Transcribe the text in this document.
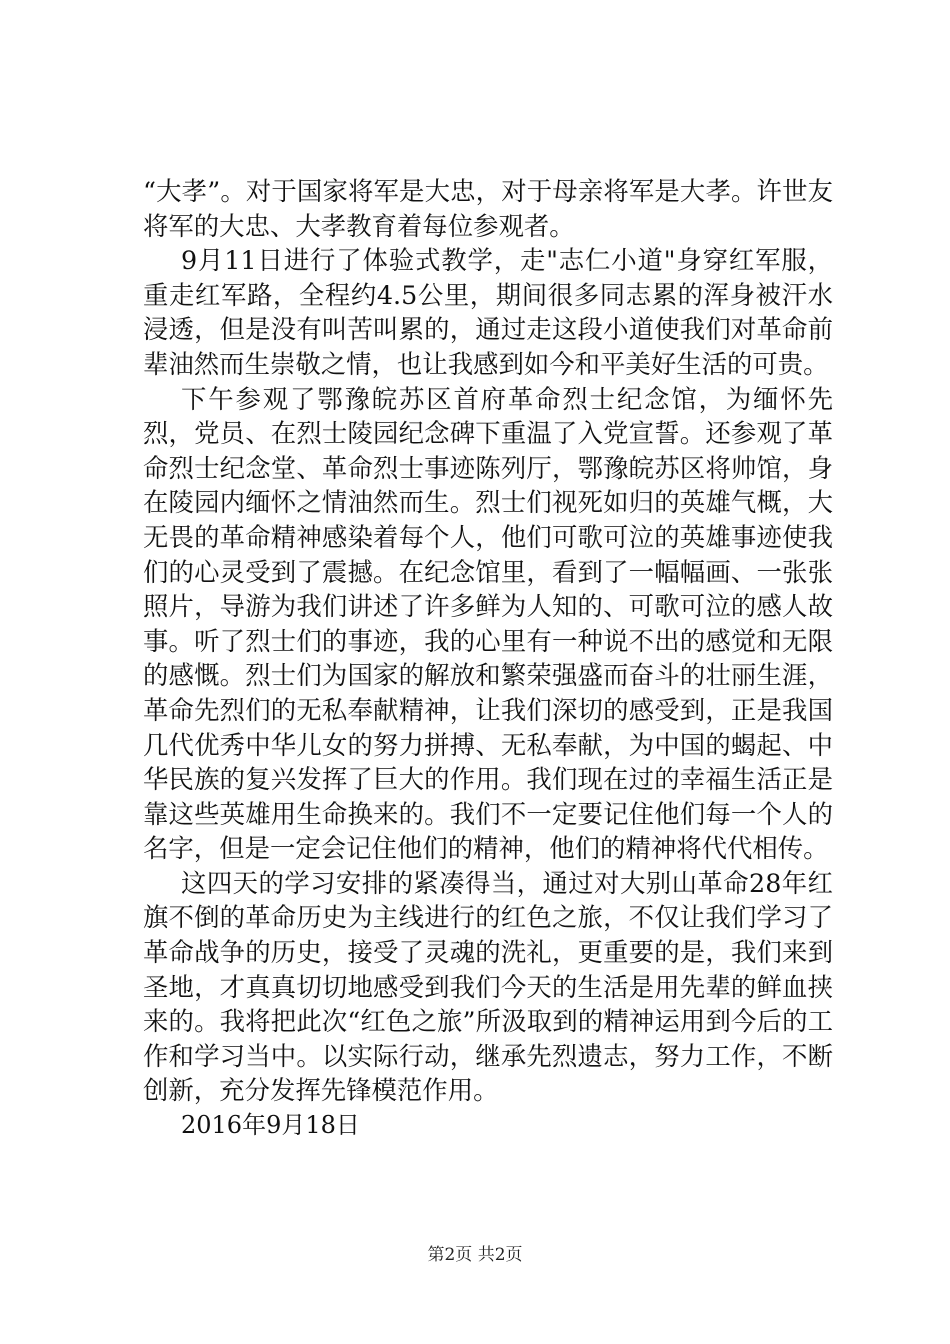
“大孝”。对于国家将军是大忠，对于母亲将军是大孝。许世友将军的大忠、大孝教育着每位参观者。

9月11日进行了体验式教学，走"志仁小道"身穿红军服，重走红军路，全程约4.5公里，期间很多同志累的浑身被汗水浸透，但是没有叫苦叫累的，通过走这段小道使我们对革命前辈油然而生崇敬之情，也让我感到如今和平美好生活的可贵。

下午参观了鄂豫皖苏区首府革命烈士纪念馆，为缅怀先烈，党员、在烈士陵园纪念碑下重温了入党宣誓。还参观了革命烈士纪念堂、革命烈士事迹陈列厅，鄂豫皖苏区将帅馆，身在陵园内缅怀之情油然而生。烈士们视死如归的英雄气概，大无畏的革命精神感染着每个人，他们可歌可泣的英雄事迹使我们的心灵受到了震撼。在纪念馆里，看到了一幅幅画、一张张照片，导游为我们讲述了许多鲜为人知的、可歌可泣的感人故事。听了烈士们的事迹，我的心里有一种说不出的感觉和无限的感慨。烈士们为国家的解放和繁荣强盛而奋斗的壮丽生涯，革命先烈们的无私奉献精神，让我们深切的感受到，正是我国几代优秀中华儿女的努力拼搏、无私奉献，为中国的蝎起、中华民族的复兴发挥了巨大的作用。我们现在过的幸福生活正是靠这些英雄用生命换来的。我们不一定要记住他们每一个人的名字，但是一定会记住他们的精神，他们的精神将代代相传。

这四天的学习安排的紧凑得当，通过对大别山革命28年红旗不倒的革命历史为主线进行的红色之旅，不仅让我们学习了革命战争的历史，接受了灵魂的洗礼，更重要的是，我们来到圣地，才真真切切地感受到我们今天的生活是用先辈的鲜血挟来的。我将把此次“红色之旅”所汲取到的精神运用到今后的工作和学习当中。以实际行动，继承先烈遗志，努力工作，不断创新，充分发挥先锋模范作用。

2016年9月18日

第2页 共2页
